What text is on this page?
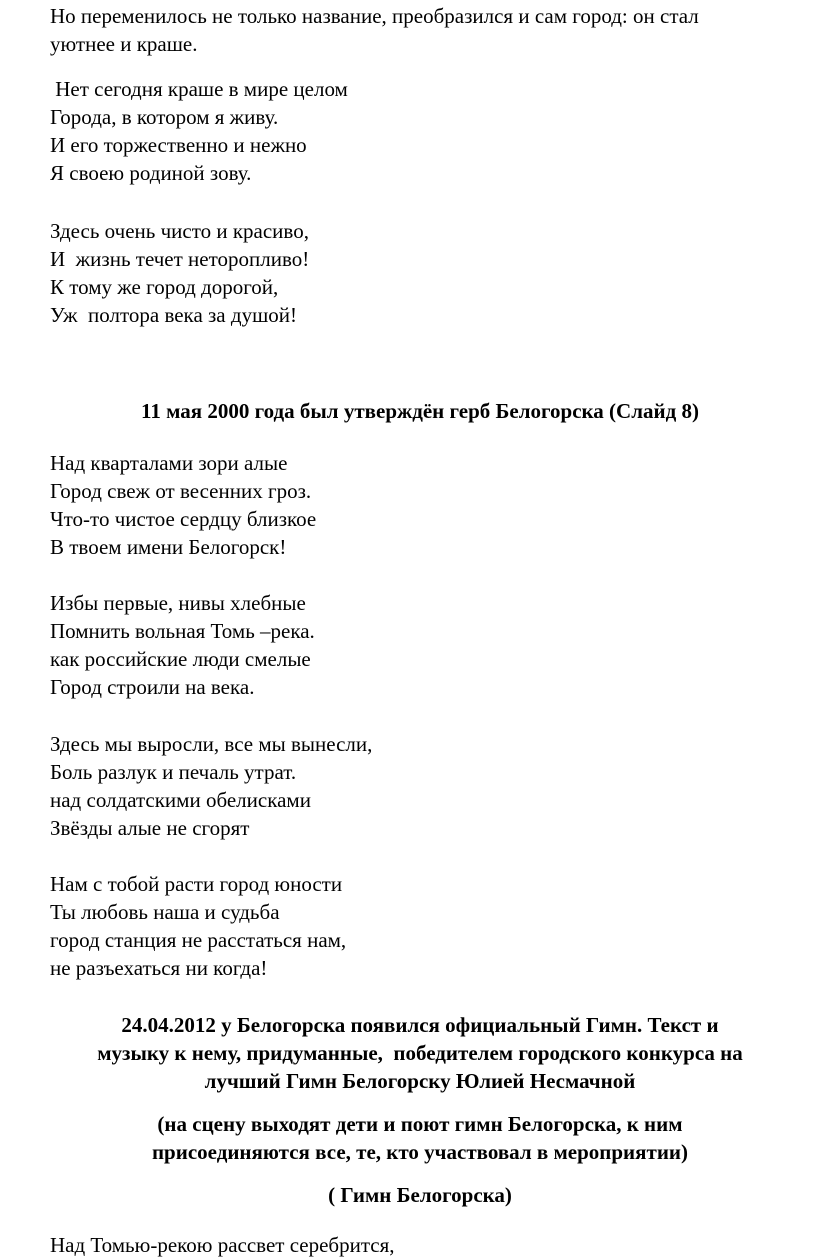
Но переменилось не только название, преобразился и сам город: он стал
уютнее и краше.
Нет сегодня краше в мире целом
Города, в котором я живу.
И его торжественно и нежно
Я своею родиной зову.
Здесь очень чисто и красиво,
И  жизнь течет неторопливо!
К тому же город дорогой,
Уж  полтора века за душой!
11 мая 2000 года был утверждён герб Белогорска (Слайд 8)
Над кварталами зори алые
Город свеж от весенних гроз.
Что-то чистое сердцу близкое
В твоем имени Белогорск!
Избы первые, нивы хлебные
Помнить вольная Томь –река.
как российские люди смелые
Город строили на века.
Здесь мы выросли, все мы вынесли,
Боль разлук и печаль утрат.
над солдатскими обелисками
Звёзды алые не сгорят
Нам с тобой расти город юности
Ты любовь наша и судьба
город станция не расстаться нам,
не разъехаться ни когда!
24.04.2012 у Белогорска появился официальный Гимн. Текст и
музыку к нему, придуманные,  победителем городского конкурса на
лучший Гимн Белогорску Юлией Несмачной
(на сцену выходят дети и поют гимн Белогорска, к ним
присоединяются все, те, кто участвовал в мероприятии)
( Гимн Белогорска)
Над Томью-рекою рассвет серебрится,
